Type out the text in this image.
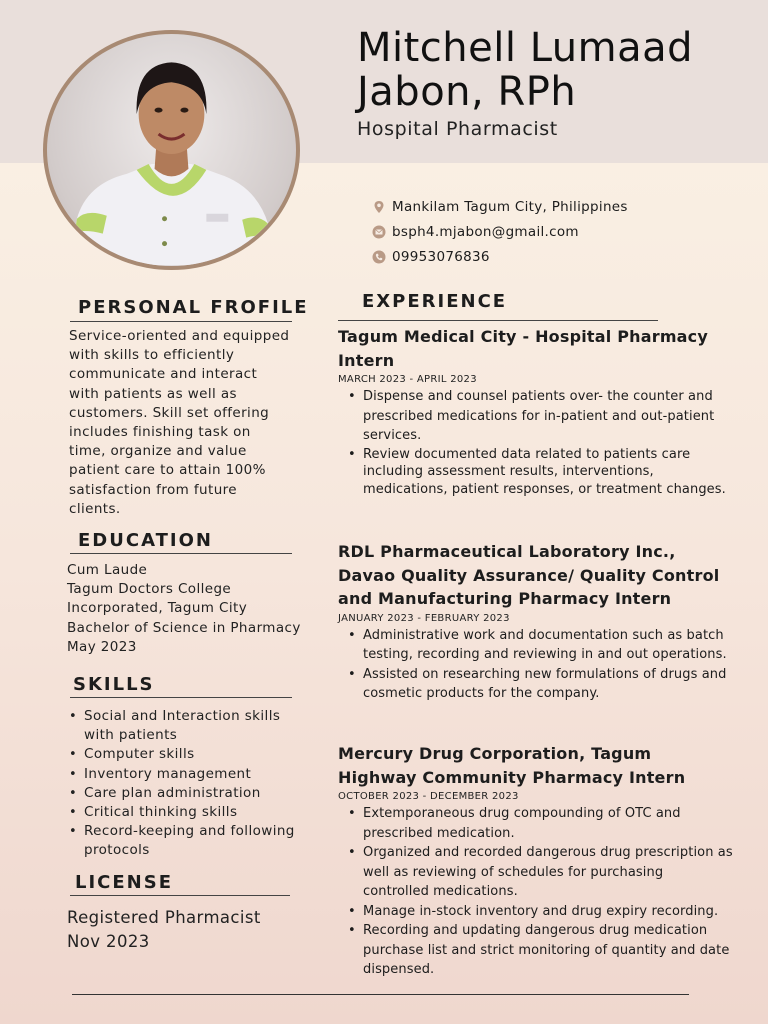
Mitchell Lumaad Jabon, RPh
Hospital Pharmacist
Mankilam Tagum City, Philippines
bsph4.mjabon@gmail.com
09953076836
PERSONAL FROFILE
Service-oriented and equipped with skills to efficiently communicate and interact with patients as well as customers. Skill set offering includes finishing task on time, organize and value patient care to attain 100% satisfaction from future clients.
EDUCATION
Cum Laude
Tagum Doctors College Incorporated, Tagum City
Bachelor of Science in Pharmacy
May 2023
SKILLS
• Social and Interaction skills with patients
• Computer skills
• Inventory management
• Care plan administration
• Critical thinking skills
• Record-keeping and following protocols
LICENSE
Registered Pharmacist
Nov 2023
EXPERIENCE
Tagum Medical City - Hospital Pharmacy Intern
MARCH 2023 - APRIL 2023
• Dispense and counsel patients over- the counter and prescribed medications for in-patient and out-patient services.
• Review documented data related to patients care including assessment results, interventions, medications, patient responses, or treatment changes.
RDL Pharmaceutical Laboratory Inc., Davao Quality Assurance/ Quality Control and Manufacturing Pharmacy Intern
JANUARY 2023 - FEBRUARY 2023
• Administrative work and documentation such as batch testing, recording and reviewing in and out operations.
• Assisted on researching new formulations of drugs and cosmetic products for the company.
Mercury Drug Corporation, Tagum Highway Community Pharmacy Intern
OCTOBER 2023 - DECEMBER 2023
• Extemporaneous drug compounding of OTC and prescribed medication.
• Organized and recorded dangerous drug prescription as well as reviewing of schedules for purchasing controlled medications.
• Manage in-stock inventory and drug expiry recording.
• Recording and updating dangerous drug medication purchase list and strict monitoring of quantity and date dispensed.
